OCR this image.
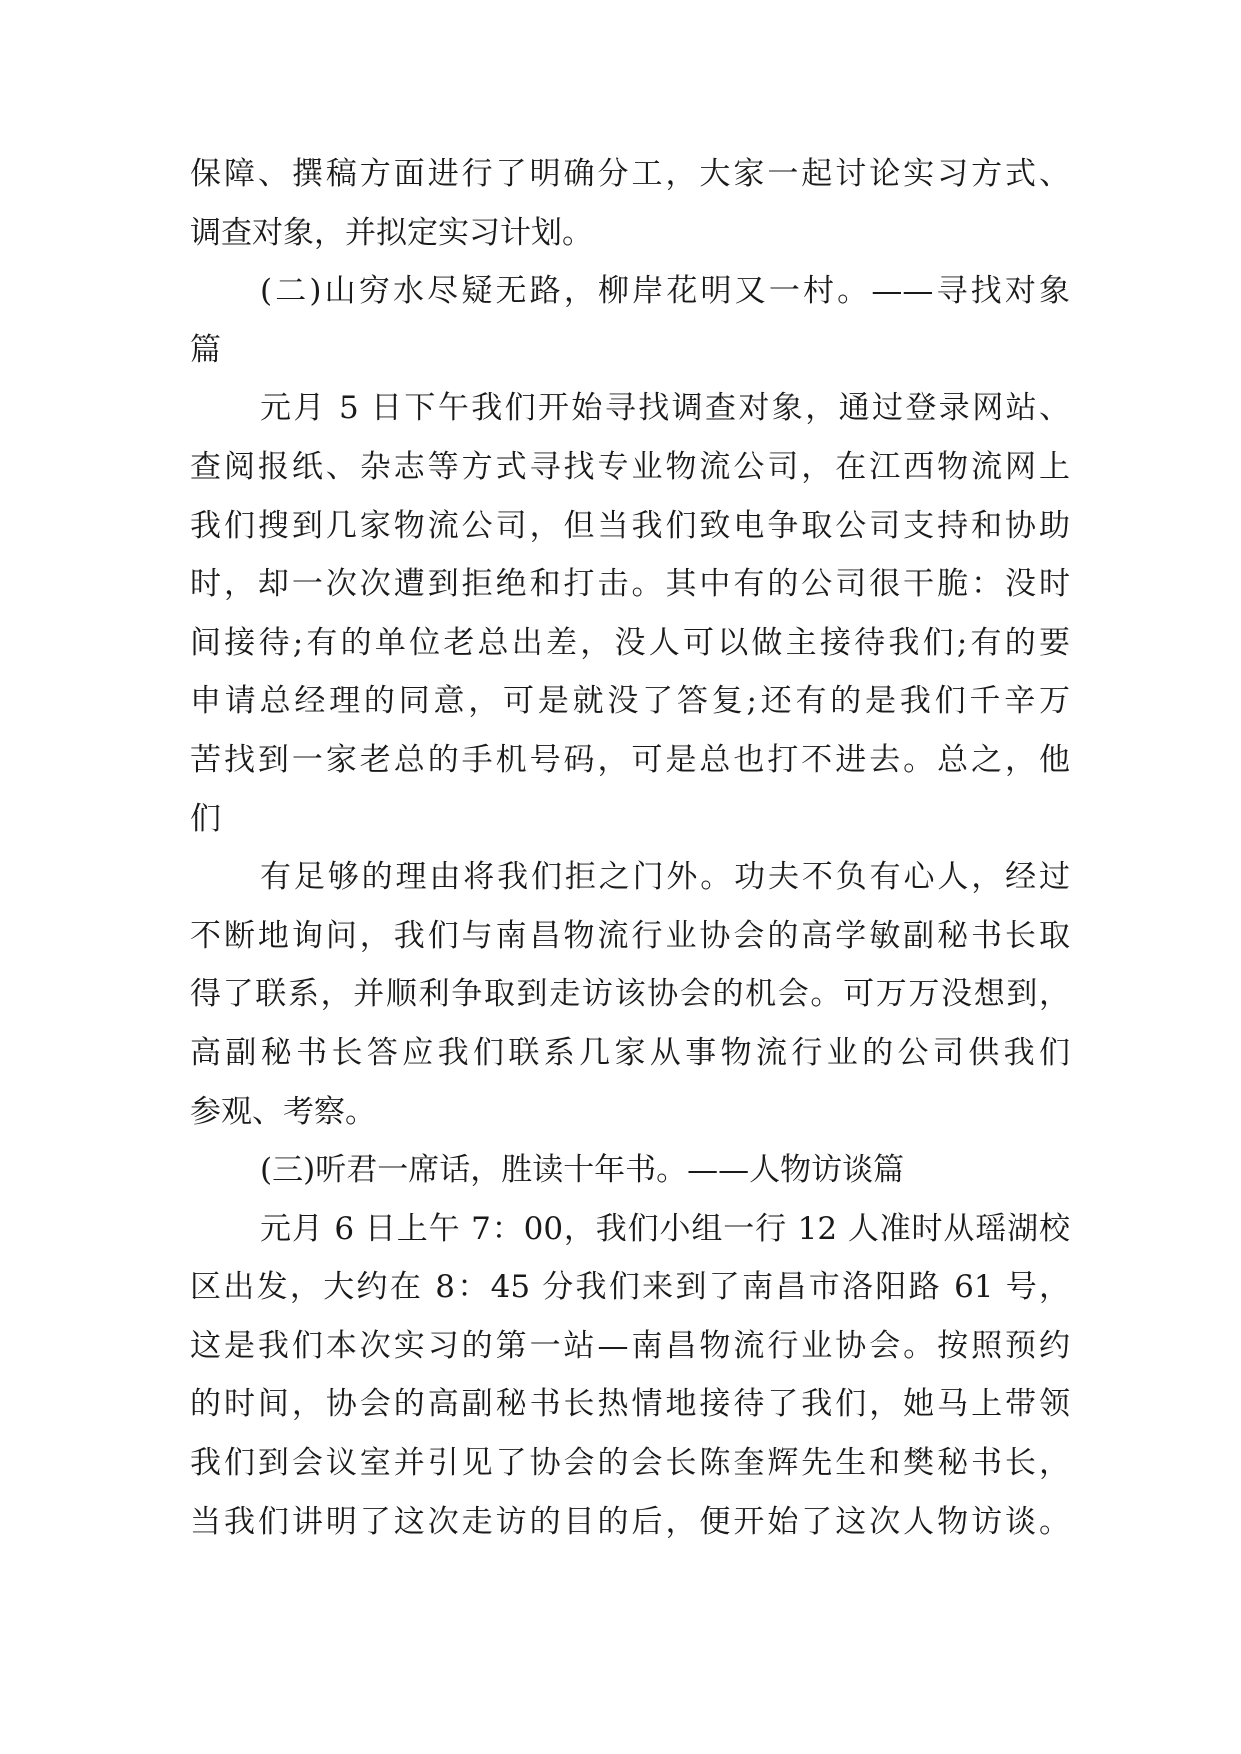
保障、撰稿方面进行了明确分工，大家一起讨论实习方式、
调查对象，并拟定实习计划。
(二)山穷水尽疑无路，柳岸花明又一村。——寻找对象
篇
元月 5 日下午我们开始寻找调查对象，通过登录网站、
查阅报纸、杂志等方式寻找专业物流公司，在江西物流网上
我们搜到几家物流公司，但当我们致电争取公司支持和协助
时，却一次次遭到拒绝和打击。其中有的公司很干脆：没时
间接待;有的单位老总出差，没人可以做主接待我们;有的要
申请总经理的同意，可是就没了答复;还有的是我们千辛万
苦找到一家老总的手机号码，可是总也打不进去。总之，他
们
有足够的理由将我们拒之门外。功夫不负有心人，经过
不断地询问，我们与南昌物流行业协会的高学敏副秘书长取
得了联系，并顺利争取到走访该协会的机会。可万万没想到，
高副秘书长答应我们联系几家从事物流行业的公司供我们
参观、考察。
(三)听君一席话，胜读十年书。——人物访谈篇
元月 6 日上午 7：00，我们小组一行 12 人准时从瑶湖校
区出发，大约在 8：45 分我们来到了南昌市洛阳路 61 号，
这是我们本次实习的第一站—南昌物流行业协会。按照预约
的时间，协会的高副秘书长热情地接待了我们，她马上带领
我们到会议室并引见了协会的会长陈奎辉先生和樊秘书长，
当我们讲明了这次走访的目的后，便开始了这次人物访谈。
